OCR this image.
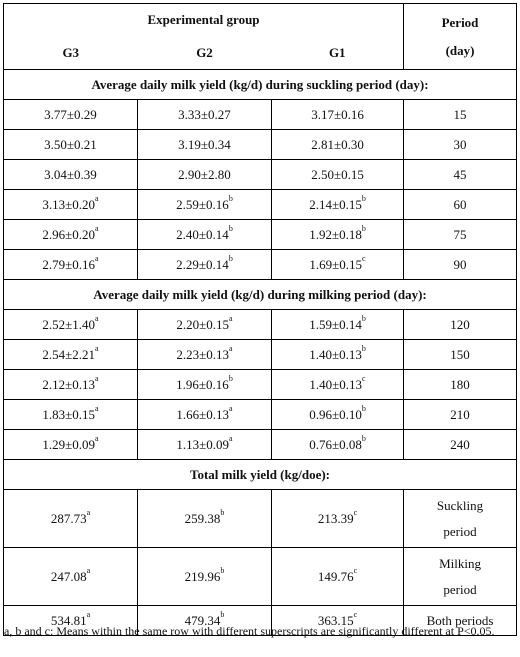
Experimental group			Period
(day)

G3	G2	G1	
Average daily milk yield (kg/d) during suckling period (day):			
3.77±0.29	3.33±0.27	3.17±0.16	15
3.50±0.21	3.19±0.34	2.81±0.30	30
3.04±0.39	2.90±2.80	2.50±0.15	45
3.13±0.20$^a$	2.59±0.16$^b$	2.14±0.15$^b$	60
2.96±0.20$^a$	2.40±0.14$^b$	1.92±0.18$^b$	75
2.79±0.16$^a$	2.29±0.14$^b$	1.69±0.15$^c$	90
Average daily milk yield (kg/d) during milking period (day):			
2.52±1.40$^a$	2.20±0.15$^a$	1.59±0.14$^b$	120
2.54±2.21$^a$	2.23±0.13$^a$	1.40±0.13$^b$	150
2.12±0.13$^a$	1.96±0.16$^b$	1.40±0.13$^c$	180
1.83±0.15$^a$	1.66±0.13$^a$	0.96±0.10$^b$	210
1.29±0.09$^a$	1.13±0.09$^a$	0.76±0.08$^b$	240
Total milk yield (kg/doe):			
287.73$^a$	259.38$^b$	213.39$^c$	Suckling
period

247.08$^a$	219.96$^b$	149.76$^c$	Milking
period

534.81$^a$	479.34$^b$	363.15$^c$	Both periods
a, b and c: Means within the same row with different superscripts are significantly different at P<0.05.
